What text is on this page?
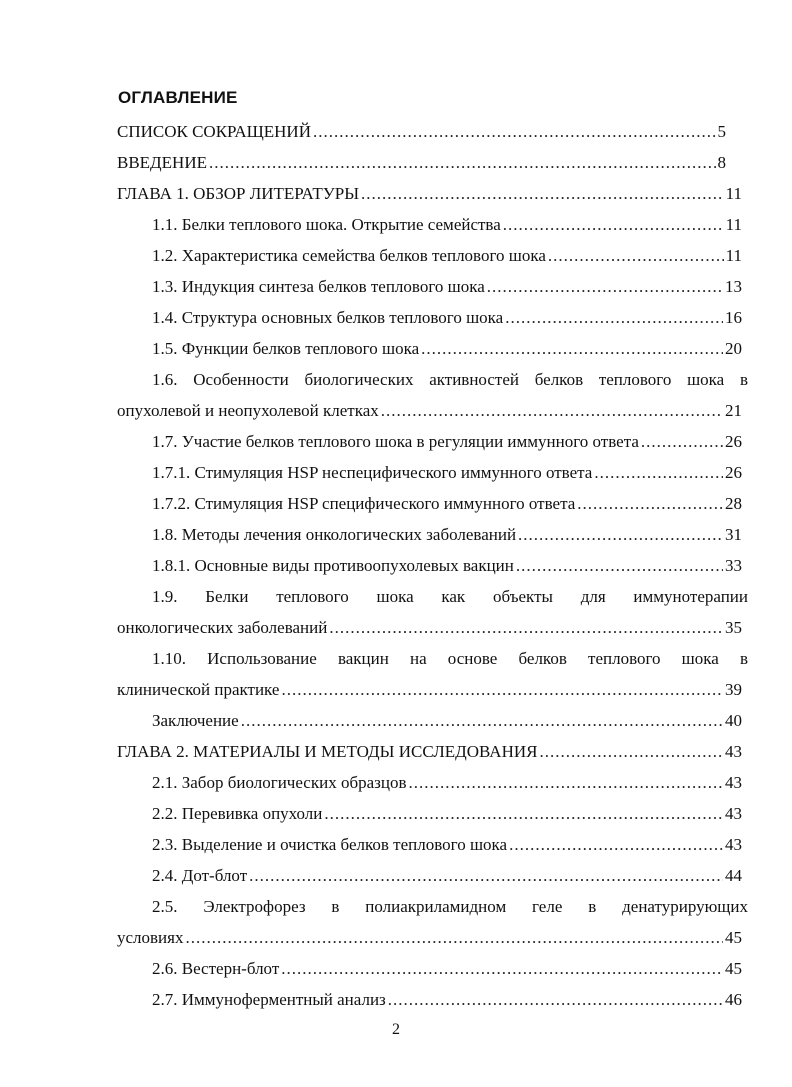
ОГЛАВЛЕНИЕ
СПИСОК СОКРАЩЕНИЙ .....	5
ВВЕДЕНИЕ .....	8
ГЛАВА 1. ОБЗОР ЛИТЕРАТУРЫ .....	11
1.1. Белки теплового шока. Открытие семейства .....	11
1.2. Характеристика семейства белков теплового шока .....	11
1.3. Индукция синтеза белков теплового шока .....	13
1.4. Структура основных белков теплового шока .....	16
1.5. Функции белков теплового шока .....	20
1.6. Особенности биологических активностей белков теплового шока в
опухолевой и неопухолевой клетках .....	21
1.7. Участие белков теплового шока в регуляции иммунного ответа .....	26
1.7.1. Стимуляция HSP неспецифического иммунного ответа .....	26
1.7.2. Стимуляция HSP специфического иммунного ответа .....	28
1.8. Методы лечения онкологических заболеваний .....	31
1.8.1. Основные виды противоопухолевых вакцин .....	33
1.9. Белки теплового шока как объекты для иммунотерапии
онкологических заболеваний .....	35
1.10. Использование вакцин на основе белков теплового шока в
клинической практике .....	39
Заключение .....	40
ГЛАВА 2. МАТЕРИАЛЫ И МЕТОДЫ ИССЛЕДОВАНИЯ .....	43
2.1. Забор биологических образцов .....	43
2.2. Перевивка опухоли .....	43
2.3. Выделение и очистка белков теплового шока .....	43
2.4. Дот-блот .....	44
2.5. Электрофорез в полиакриламидном геле в денатурирующих
условиях .....	45
2.6. Вестерн-блот .....	45
2.7. Иммуноферментный анализ .....	46
2
